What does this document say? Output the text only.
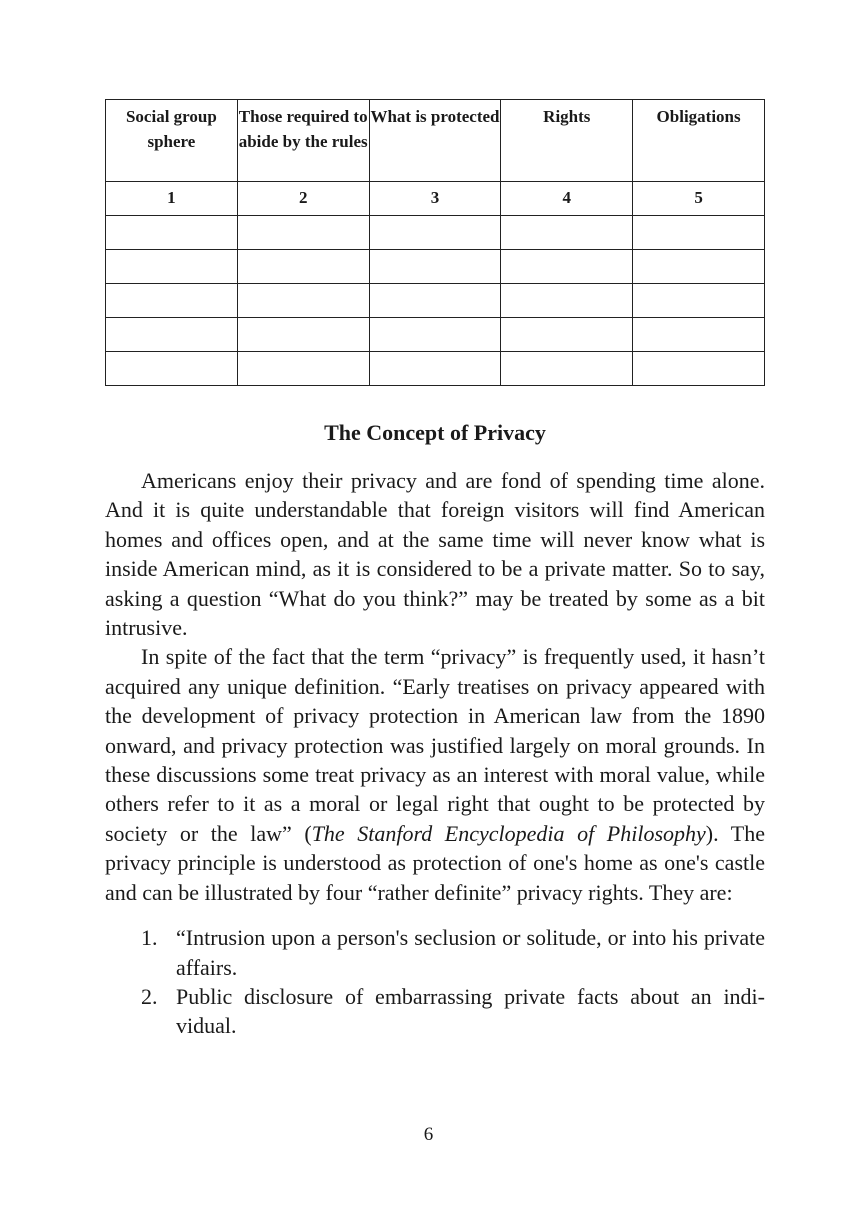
Social group sphere	Those required to abide by the rules	What is protected	Rights	Obligations
1	2	3	4	5

The Concept of Privacy

Americans enjoy their privacy and are fond of spending time alone. And it is quite understandable that foreign visitors will find American homes and offices open, and at the same time will never know what is inside American mind, as it is considered to be a private matter. So to say, asking a question “What do you think?” may be treated by some as a bit intrusive.

In spite of the fact that the term “privacy” is frequently used, it hasn’t acquired any unique definition. “Early treatises on privacy appeared with the development of privacy protection in American law from the 1890 onward, and privacy protection was justified largely on moral grounds. In these discussions some treat privacy as an interest with moral value, while others refer to it as a moral or legal right that ought to be protected by society or the law” (The Stanford Encyclopedia of Philosophy). The privacy principle is understood as protection of one's home as one's castle and can be illustrated by four “rather definite” privacy rights. They are:

1. “Intrusion upon a person's seclusion or solitude, or into his private affairs.
2. Public disclosure of embarrassing private facts about an indi-vidual.
6
